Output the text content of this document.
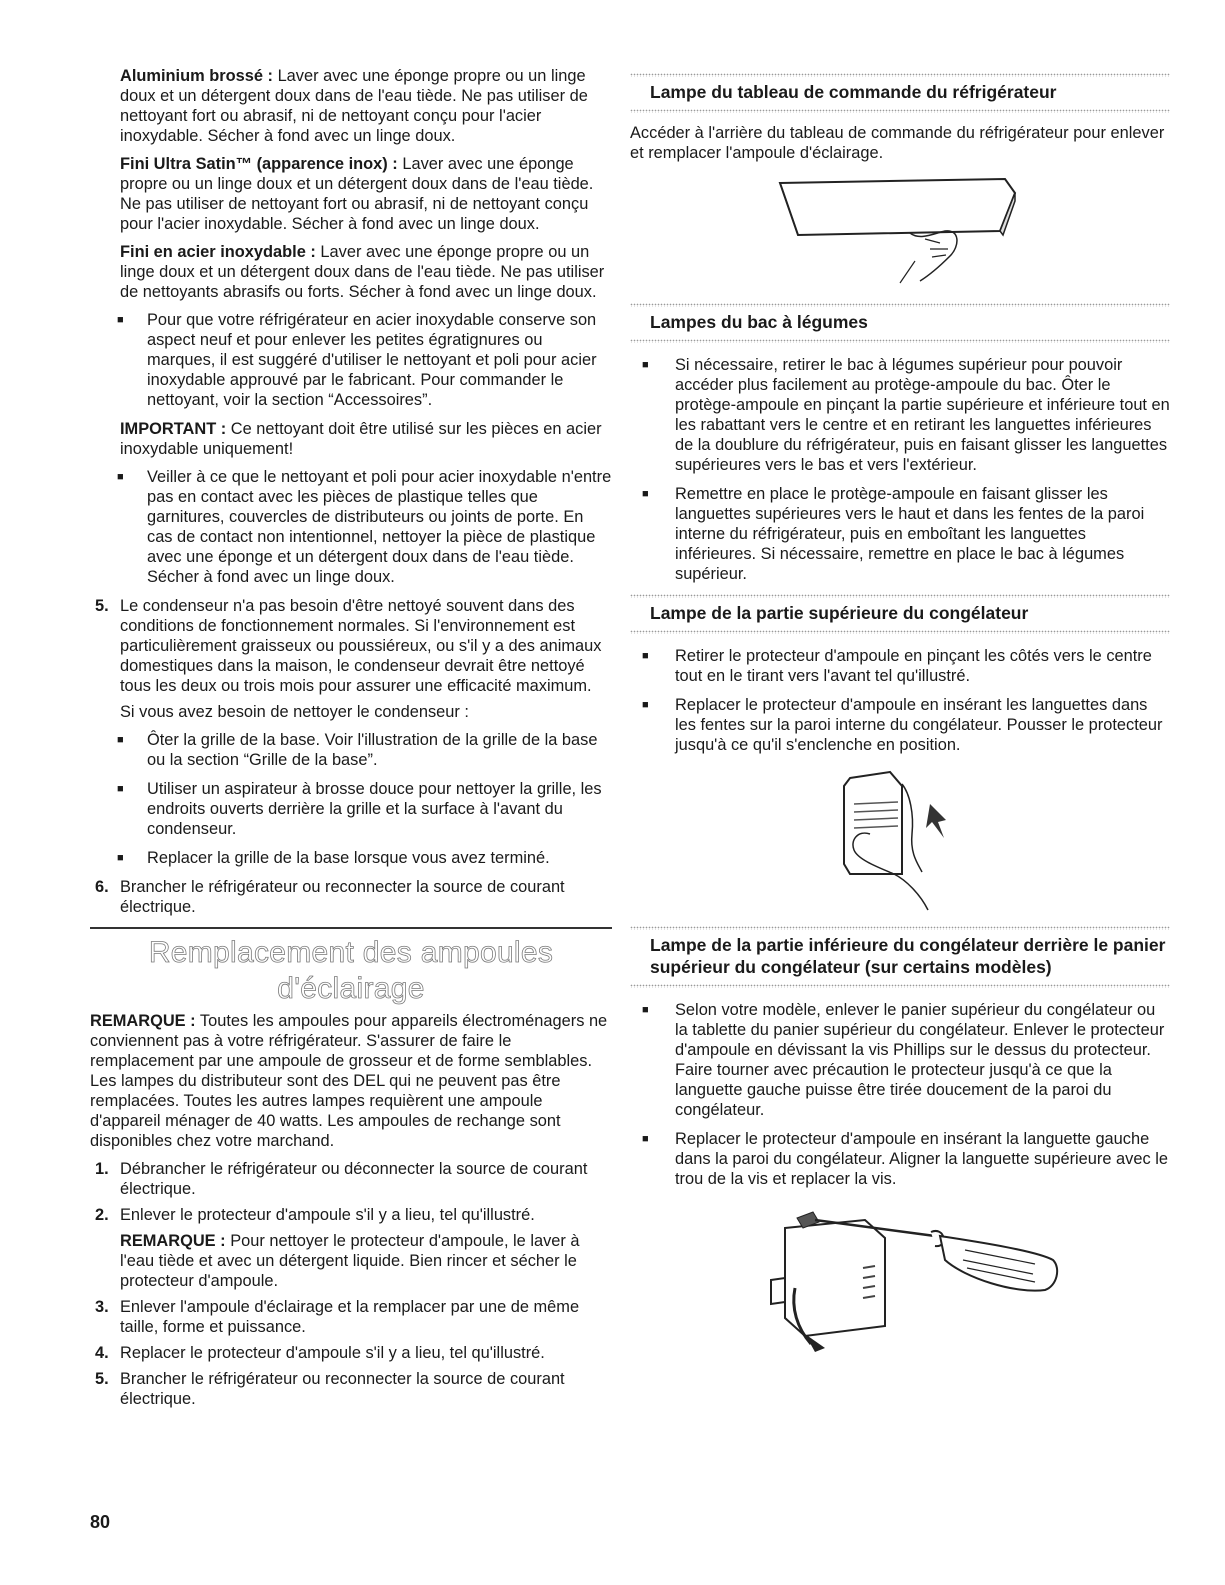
Aluminium brossé : Laver avec une éponge propre ou un linge doux et un détergent doux dans de l'eau tiède. Ne pas utiliser de nettoyant fort ou abrasif, ni de nettoyant conçu pour l'acier inoxydable. Sécher à fond avec un linge doux.

Fini Ultra Satin™ (apparence inox) : Laver avec une éponge propre ou un linge doux et un détergent doux dans de l'eau tiède. Ne pas utiliser de nettoyant fort ou abrasif, ni de nettoyant conçu pour l'acier inoxydable. Sécher à fond avec un linge doux.

Fini en acier inoxydable : Laver avec une éponge propre ou un linge doux et un détergent doux dans de l'eau tiède. Ne pas utiliser de nettoyants abrasifs ou forts. Sécher à fond avec un linge doux.

■ Pour que votre réfrigérateur en acier inoxydable conserve son aspect neuf et pour enlever les petites égratignures ou marques, il est suggéré d'utiliser le nettoyant et poli pour acier inoxydable approuvé par le fabricant. Pour commander le nettoyant, voir la section “Accessoires”.

IMPORTANT : Ce nettoyant doit être utilisé sur les pièces en acier inoxydable uniquement!

■ Veiller à ce que le nettoyant et poli pour acier inoxydable n'entre pas en contact avec les pièces de plastique telles que garnitures, couvercles de distributeurs ou joints de porte. En cas de contact non intentionnel, nettoyer la pièce de plastique avec une éponge et un détergent doux dans de l'eau tiède. Sécher à fond avec un linge doux.
5. Le condenseur n'a pas besoin d'être nettoyé souvent dans des conditions de fonctionnement normales. Si l'environnement est particulièrement graisseux ou poussiéreux, ou s'il y a des animaux domestiques dans la maison, le condenseur devrait être nettoyé tous les deux ou trois mois pour assurer une efficacité maximum.

Si vous avez besoin de nettoyer le condenseur :

■ Ôter la grille de la base. Voir l'illustration de la grille de la base ou la section “Grille de la base”.
■ Utiliser un aspirateur à brosse douce pour nettoyer la grille, les endroits ouverts derrière la grille et la surface à l'avant du condenseur.
■ Replacer la grille de la base lorsque vous avez terminé.
6. Brancher le réfrigérateur ou reconnecter la source de courant électrique.
Remplacement des ampoules d'éclairage

REMARQUE : Toutes les ampoules pour appareils électroménagers ne conviennent pas à votre réfrigérateur. S'assurer de faire le remplacement par une ampoule de grosseur et de forme semblables. Les lampes du distributeur sont des DEL qui ne peuvent pas être remplacées. Toutes les autres lampes requièrent une ampoule d'appareil ménager de 40 watts. Les ampoules de rechange sont disponibles chez votre marchand.

1. Débrancher le réfrigérateur ou déconnecter la source de courant électrique.
2. Enlever le protecteur d'ampoule s'il y a lieu, tel qu'illustré.

REMARQUE : Pour nettoyer le protecteur d'ampoule, le laver à l'eau tiède et avec un détergent liquide. Bien rincer et sécher le protecteur d'ampoule.

3. Enlever l'ampoule d'éclairage et la remplacer par une de même taille, forme et puissance.
4. Replacer le protecteur d'ampoule s'il y a lieu, tel qu'illustré.
5. Brancher le réfrigérateur ou reconnecter la source de courant électrique.
Lampe du tableau de commande du réfrigérateur

Accéder à l'arrière du tableau de commande du réfrigérateur pour enlever et remplacer l'ampoule d'éclairage.

Lampes du bac à légumes
■ Si nécessaire, retirer le bac à légumes supérieur pour pouvoir accéder plus facilement au protège-ampoule du bac. Ôter le protège-ampoule en pinçant la partie supérieure et inférieure tout en les rabattant vers le centre et en retirant les languettes inférieures de la doublure du réfrigérateur, puis en faisant glisser les languettes supérieures vers le bas et vers l'extérieur.
■ Remettre en place le protège-ampoule en faisant glisser les languettes supérieures vers le haut et dans les fentes de la paroi interne du réfrigérateur, puis en emboîtant les languettes inférieures. Si nécessaire, remettre en place le bac à légumes supérieur.
Lampe de la partie supérieure du congélateur
■ Retirer le protecteur d'ampoule en pinçant les côtés vers le centre tout en le tirant vers l'avant tel qu'illustré.
■ Replacer le protecteur d'ampoule en insérant les languettes dans les fentes sur la paroi interne du congélateur. Pousser le protecteur jusqu'à ce qu'il s'enclenche en position.
Lampe de la partie inférieure du congélateur derrière le panier supérieur du congélateur (sur certains modèles)
■ Selon votre modèle, enlever le panier supérieur du congélateur ou la tablette du panier supérieur du congélateur. Enlever le protecteur d'ampoule en dévissant la vis Phillips sur le dessus du protecteur. Faire tourner avec précaution le protecteur jusqu'à ce que la languette gauche puisse être tirée doucement de la paroi du congélateur.
■ Replacer le protecteur d'ampoule en insérant la languette gauche dans la paroi du congélateur. Aligner la languette supérieure avec le trou de la vis et replacer la vis.
80
